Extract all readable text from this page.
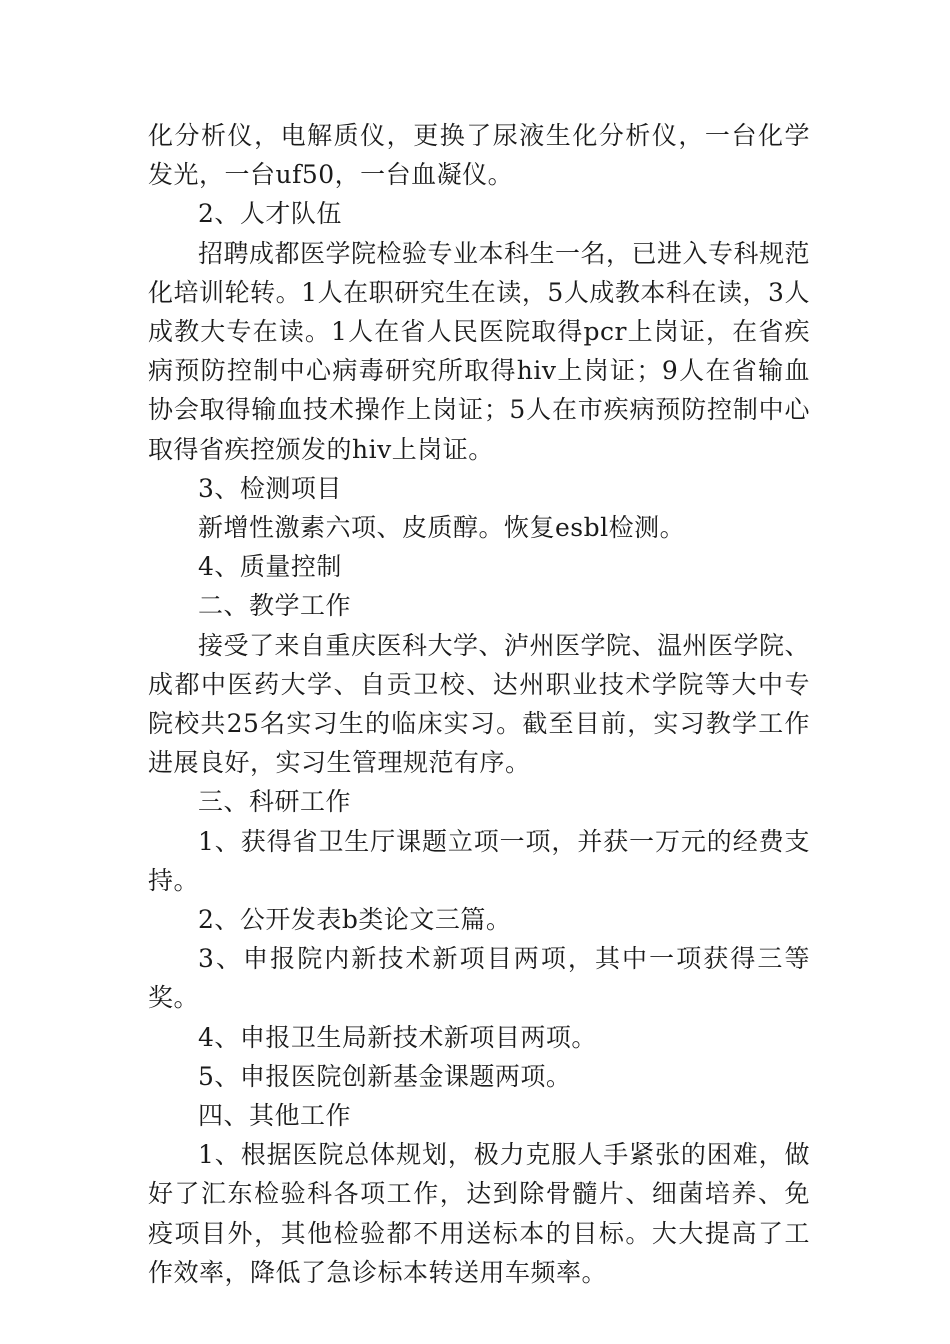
化分析仪，电解质仪，更换了尿液生化分析仪，一台化学发光，一台uf50，一台血凝仪。

2、人才队伍

招聘成都医学院检验专业本科生一名，已进入专科规范化培训轮转。1人在职研究生在读，5人成教本科在读，3人成教大专在读。1人在省人民医院取得pcr上岗证，在省疾病预防控制中心病毒研究所取得hiv上岗证；9人在省输血协会取得输血技术操作上岗证；5人在市疾病预防控制中心取得省疾控颁发的hiv上岗证。

3、检测项目

新增性激素六项、皮质醇。恢复esbl检测。

4、质量控制

二、教学工作

接受了来自重庆医科大学、泸州医学院、温州医学院、成都中医药大学、自贡卫校、达州职业技术学院等大中专院校共25名实习生的临床实习。截至目前，实习教学工作进展良好，实习生管理规范有序。

三、科研工作

1、获得省卫生厅课题立项一项，并获一万元的经费支持。

2、公开发表b类论文三篇。

3、申报院内新技术新项目两项，其中一项获得三等奖。

4、申报卫生局新技术新项目两项。

5、申报医院创新基金课题两项。

四、其他工作

1、根据医院总体规划，极力克服人手紧张的困难，做好了汇东检验科各项工作，达到除骨髓片、细菌培养、免疫项目外，其他检验都不用送标本的目标。大大提高了工作效率，降低了急诊标本转送用车频率。
